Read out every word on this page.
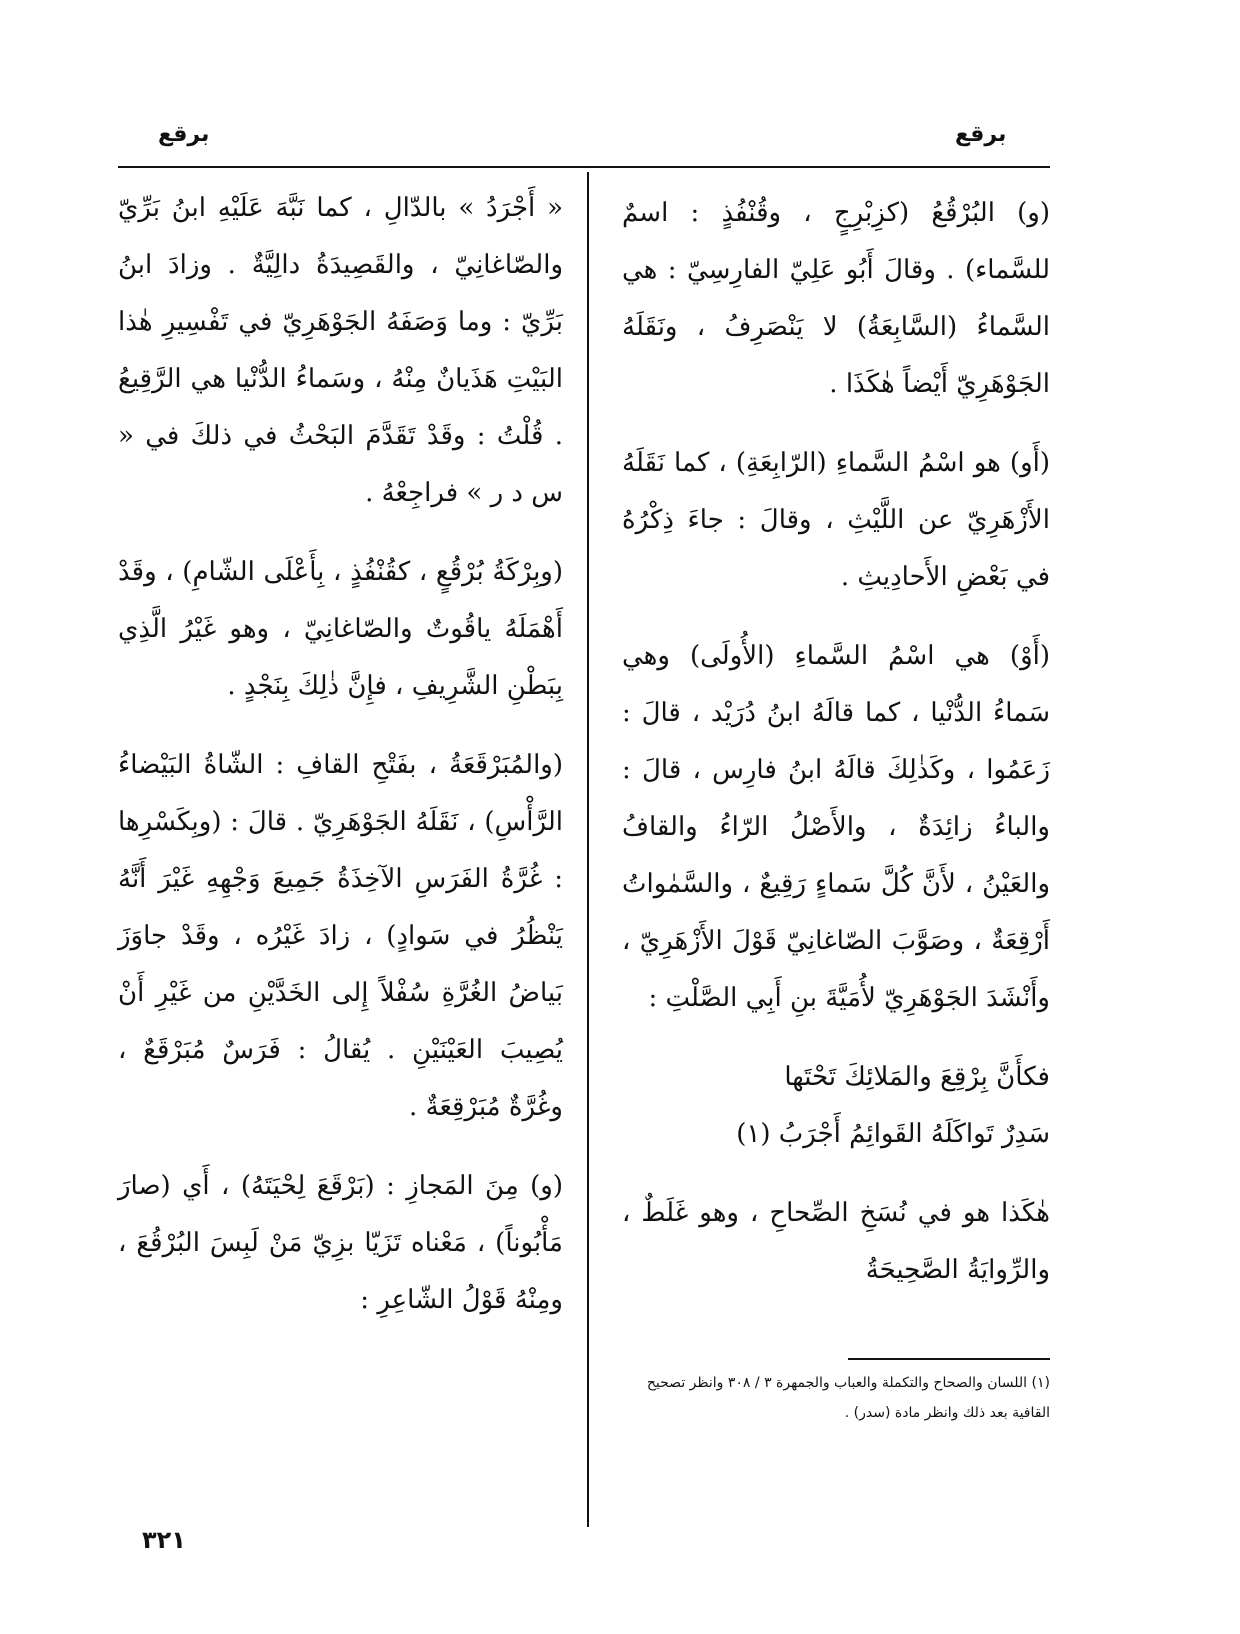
برقع
برقع

(و) البُرْقُعُ (كزِبْرِجٍ ، وقُنْفُذٍ : اسمٌ للسَّماء) . وقالَ أَبُو عَلِيّ الفارِسِيّ : هي السَّماءُ (السَّابِعَةُ) لا يَنْصَرِفُ ، ونَقَلَهُ الجَوْهَرِيّ أَيْضاً هٰكَذَا .

(أَو) هو اسْمُ السَّماءِ (الرّابِعَةِ) ، كما نَقَلَهُ الأَزْهَرِيّ عن اللَّيْثِ ، وقالَ : جاءَ ذِكْرُهُ في بَعْضِ الأَحادِيثِ .

(أَوْ) هي اسْمُ السَّماءِ (الأُولَى) وهي سَماءُ الدُّنْيا ، كما قالَهُ ابنُ دُرَيْد ، قالَ : زَعَمُوا ، وكَذٰلِكَ قالَهُ ابنُ فارِس ، قالَ : والباءُ زائِدَةٌ ، والأَصْلُ الرّاءُ والقافُ والعَيْنُ ، لأَنَّ كُلَّ سَماءٍ رَقِيعٌ ، والسَّمٰواتُ أَرْقِعَةٌ ، وصَوَّبَ الصّاغانِيّ قَوْلَ الأَزْهَرِيّ ، وأَنْشَدَ الجَوْهَرِيّ لأُمَيَّةَ بنِ أَبِي الصَّلْتِ :

فكأَنَّ بِرْقِعَ والمَلائِكَ تَحْتَها

سَدِرٌ تَواكَلَهُ القَوائِمُ أَجْرَبُ (١)

هٰكَذا هو في نُسَخِ الصِّحاحِ ، وهو غَلَطٌ ، والرِّوايَةُ الصَّحِيحَةُ

« أَجْرَدُ » بالدّالِ ، كما نَبَّهَ عَلَيْهِ ابنُ بَرِّيّ والصّاغانِيّ ، والقَصِيدَةُ دالِيَّةٌ . وزادَ ابنُ بَرِّيّ : وما وَصَفَهُ الجَوْهَرِيّ في تَفْسِيرِ هٰذا البَيْتِ هَذَيانٌ مِنْهُ ، وسَماءُ الدُّنْيا هي الرَّقِيعُ . قُلْتُ : وقَدْ تَقَدَّمَ البَحْثُ في ذلكَ في « س د ر » فراجِعْهُ .

(وبِرْكَةُ بُرْقُعٍ ، كقُنْفُذٍ ، بِأَعْلَى الشّامِ) ، وقَدْ أَهْمَلَهُ ياقُوتٌ والصّاغانِيّ ، وهو غَيْرُ الَّذِي بِبَطْنِ الشَّرِيفِ ، فإِنَّ ذٰلِكَ بِنَجْدٍ .

(والمُبَرْقَعَةُ ، بفَتْحِ القافِ : الشّاةُ البَيْضاءُ الرَّأْسِ) ، نَقَلَهُ الجَوْهَرِيّ . قالَ : (وبِكَسْرِها : غُرَّةُ الفَرَسِ الآخِذَةُ جَمِيعَ وَجْهِهِ غَيْرَ أَنَّهُ يَنْظُرُ في سَوادٍ) ، زادَ غَيْرُه ، وقَدْ جاوَزَ بَياضُ الغُرَّةِ سُفْلاً إِلى الخَدَّيْنِ من غَيْرِ أَنْ يُصِيبَ العَيْنَيْنِ . يُقالُ : فَرَسٌ مُبَرْقَعٌ ، وغُرَّةٌ مُبَرْقِعَةٌ .

(و) مِنَ المَجازِ : (بَرْقَعَ لِحْيَتَهُ) ، أَي (صارَ مَأْبُوناً) ، مَعْناه تَزَيّا بزِيّ مَنْ لَبِسَ البُرْقُعَ ، ومِنْهُ قَوْلُ الشّاعِرِ :

(١) اللسان والصحاح والتكملة والعباب والجمهرة ٣ / ٣٠٨ وانظر تصحيح القافية بعد ذلك وانظر مادة (سدر) .
٣٢١
